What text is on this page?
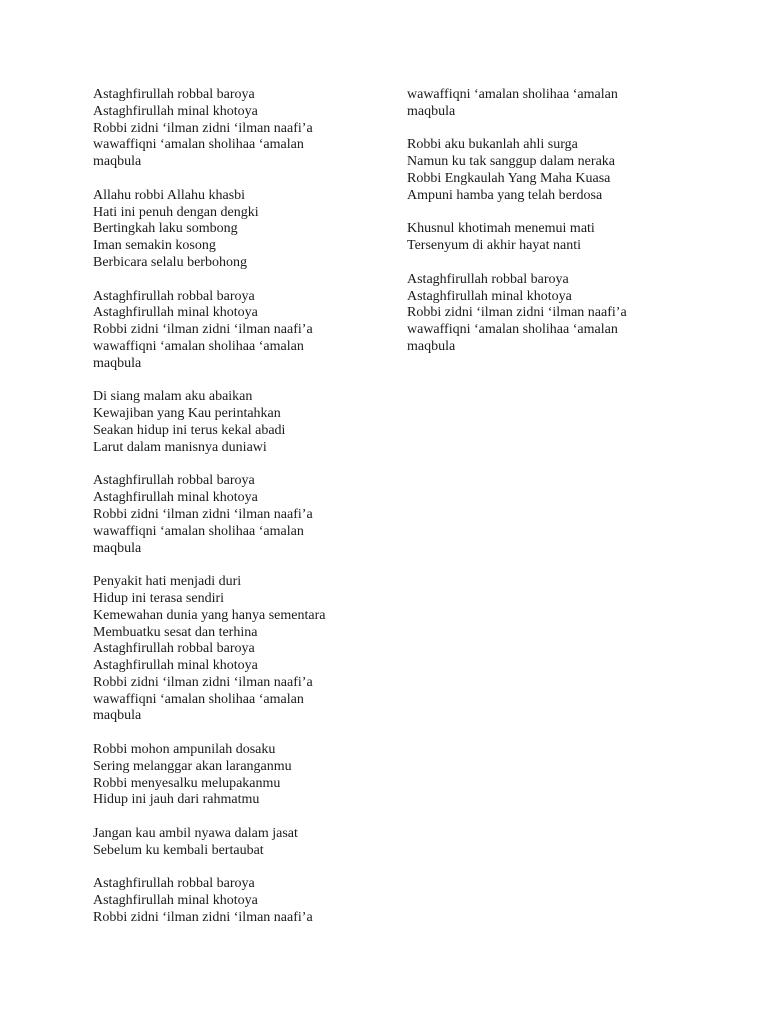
Astaghfirullah robbal baroya
Astaghfirullah minal khotoya
Robbi zidni ‘ilman zidni ‘ilman naafi’a
wawaffiqni ‘amalan sholihaa ‘amalan
maqbula
Allahu robbi Allahu khasbi
Hati ini penuh dengan dengki
Bertingkah laku sombong
Iman semakin kosong
Berbicara selalu berbohong
Astaghfirullah robbal baroya
Astaghfirullah minal khotoya
Robbi zidni ‘ilman zidni ‘ilman naafi’a
wawaffiqni ‘amalan sholihaa ‘amalan
maqbula
Di siang malam aku abaikan
Kewajiban yang Kau perintahkan
Seakan hidup ini terus kekal abadi
Larut dalam manisnya duniawi
Astaghfirullah robbal baroya
Astaghfirullah minal khotoya
Robbi zidni ‘ilman zidni ‘ilman naafi’a
wawaffiqni ‘amalan sholihaa ‘amalan
maqbula
Penyakit hati menjadi duri
Hidup ini terasa sendiri
Kemewahan dunia yang hanya sementara
Membuatku sesat dan terhina
Astaghfirullah robbal baroya
Astaghfirullah minal khotoya
Robbi zidni ‘ilman zidni ‘ilman naafi’a
wawaffiqni ‘amalan sholihaa ‘amalan
maqbula
Robbi mohon ampunilah dosaku
Sering melanggar akan laranganmu
Robbi menyesalku melupakanmu
Hidup ini jauh dari rahmatmu
Jangan kau ambil nyawa dalam jasat
Sebelum ku kembali bertaubat
Astaghfirullah robbal baroya
Astaghfirullah minal khotoya
Robbi zidni ‘ilman zidni ‘ilman naafi’a
wawaffiqni ‘amalan sholihaa ‘amalan
maqbula
Robbi aku bukanlah ahli surga
Namun ku tak sanggup dalam neraka
Robbi Engkaulah Yang Maha Kuasa
Ampuni hamba yang telah berdosa
Khusnul khotimah menemui mati
Tersenyum di akhir hayat nanti
Astaghfirullah robbal baroya
Astaghfirullah minal khotoya
Robbi zidni ‘ilman zidni ‘ilman naafi’a
wawaffiqni ‘amalan sholihaa ‘amalan
maqbula
